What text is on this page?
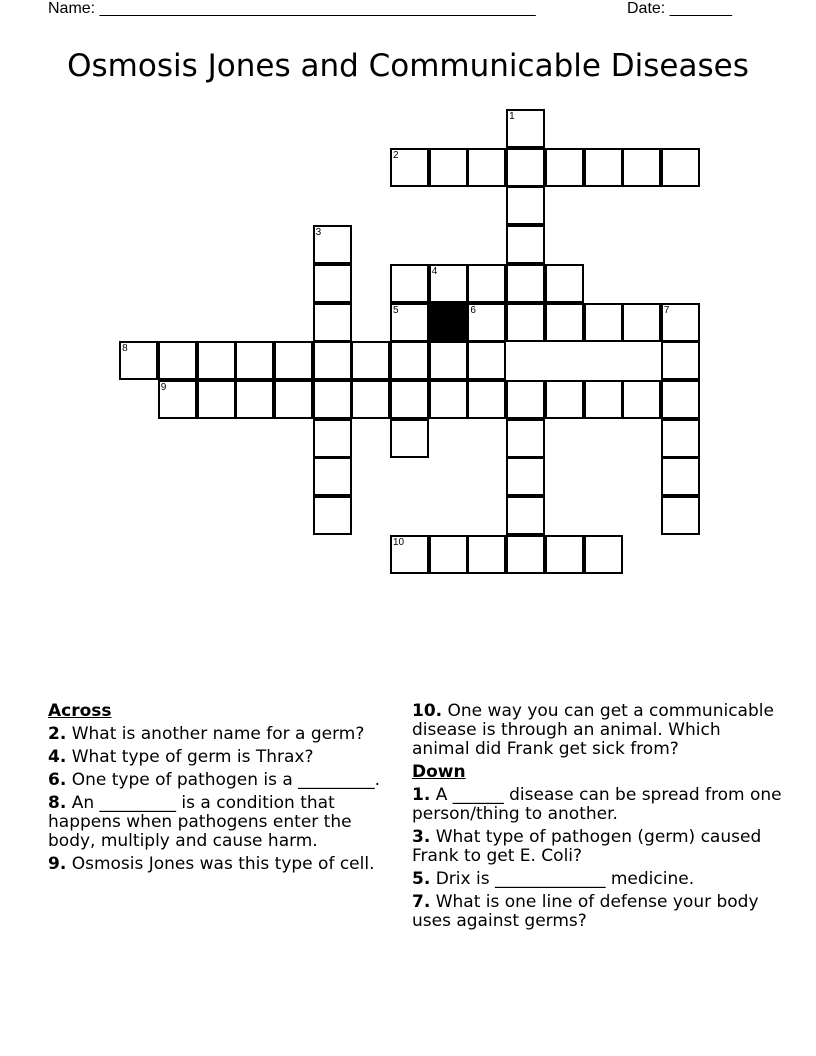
Name: _________________________________________________	Date: _______
Osmosis Jones and Communicable Diseases
1
2
3
4
5	6	7
8
9
10
Across
2. What is another name for a germ?
4. What type of germ is Thrax?
6. One type of pathogen is a _________.
8. An _________ is a condition that happens when pathogens enter the body, multiply and cause harm.
9. Osmosis Jones was this type of cell.
10. One way you can get a communicable disease is through an animal. Which animal did Frank get sick from?
Down
1. A ______ disease can be spread from one person/thing to another.
3. What type of pathogen (germ) caused Frank to get E. Coli?
5. Drix is _____________ medicine.
7. What is one line of defense your body uses against germs?
